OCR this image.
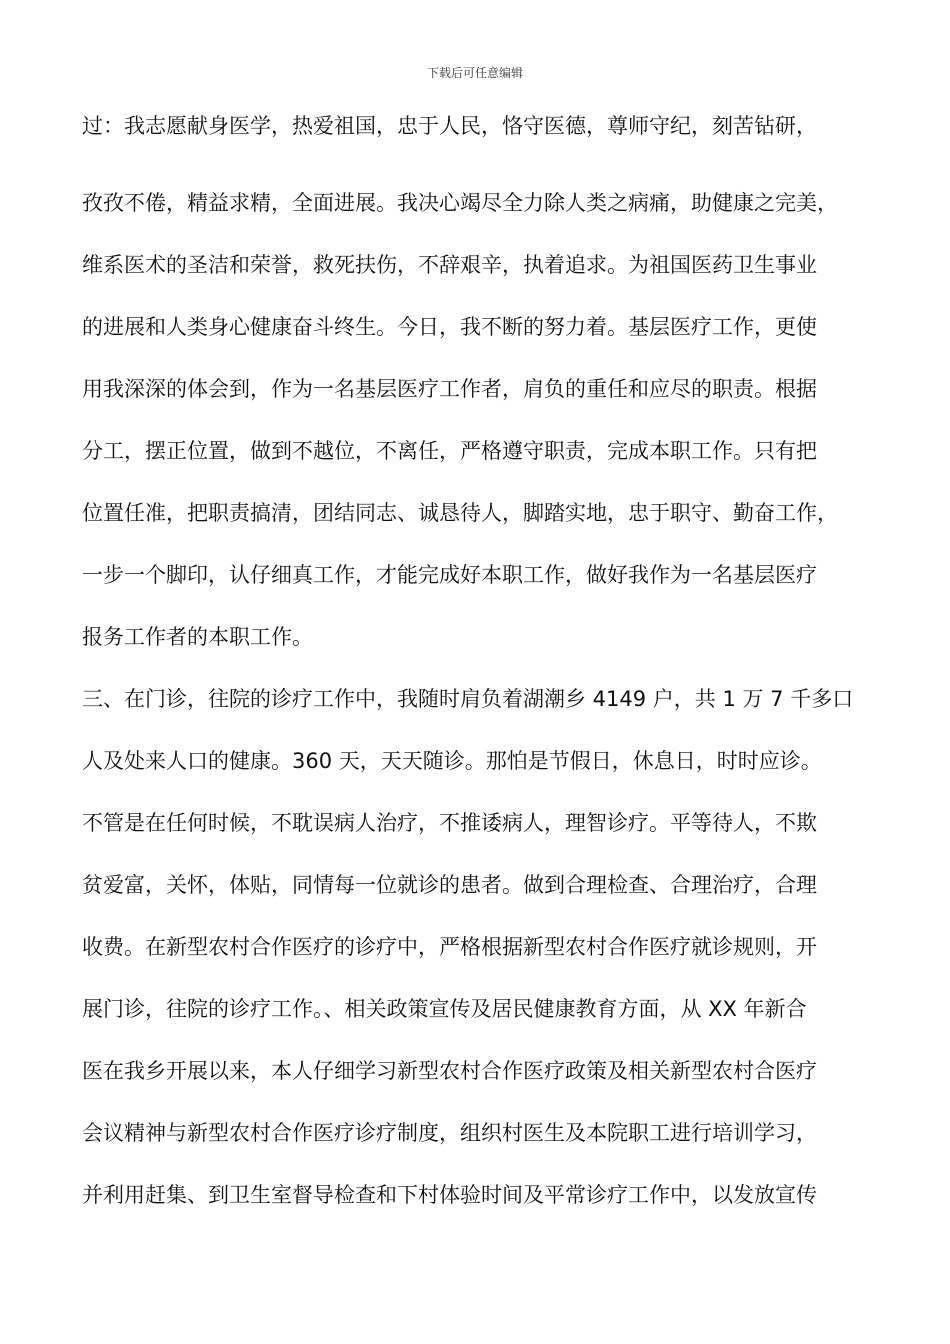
下载后可任意编辑
过：我志愿献身医学，热爱祖国，忠于人民，恪守医德，尊师守纪，刻苦钻研，
孜孜不倦，精益求精，全面进展。我决心竭尽全力除人类之病痛，助健康之完美，
维系医术的圣洁和荣誉，救死扶伤，不辞艰辛，执着追求。为祖国医药卫生事业
的进展和人类身心健康奋斗终生。今日，我不断的努力着。基层医疗工作，更使
用我深深的体会到，作为一名基层医疗工作者，肩负的重任和应尽的职责。根据
分工，摆正位置，做到不越位，不离任，严格遵守职责，完成本职工作。只有把
位置任准，把职责搞清，团结同志、诚恳待人，脚踏实地，忠于职守、勤奋工作，
一步一个脚印，认仔细真工作，才能完成好本职工作，做好我作为一名基层医疗
报务工作者的本职工作。
三、在门诊，往院的诊疗工作中，我随时肩负着湖潮乡 4149 户，共 1 万 7 千多口
人及处来人口的健康。360 天，天天随诊。那怕是节假日，休息日，时时应诊。
不管是在任何时候，不耽误病人治疗，不推诿病人，理智诊疗。平等待人，不欺
贫爱富，关怀，体贴，同情每一位就诊的患者。做到合理检查、合理治疗，合理
收费。在新型农村合作医疗的诊疗中，严格根据新型农村合作医疗就诊规则，开
展门诊，往院的诊疗工作。、相关政策宣传及居民健康教育方面，从 XX 年新合
医在我乡开展以来，本人仔细学习新型农村合作医疗政策及相关新型农村合医疗
会议精神与新型农村合作医疗诊疗制度，组织村医生及本院职工进行培训学习，
并利用赶集、到卫生室督导检查和下村体验时间及平常诊疗工作中，以发放宣传
